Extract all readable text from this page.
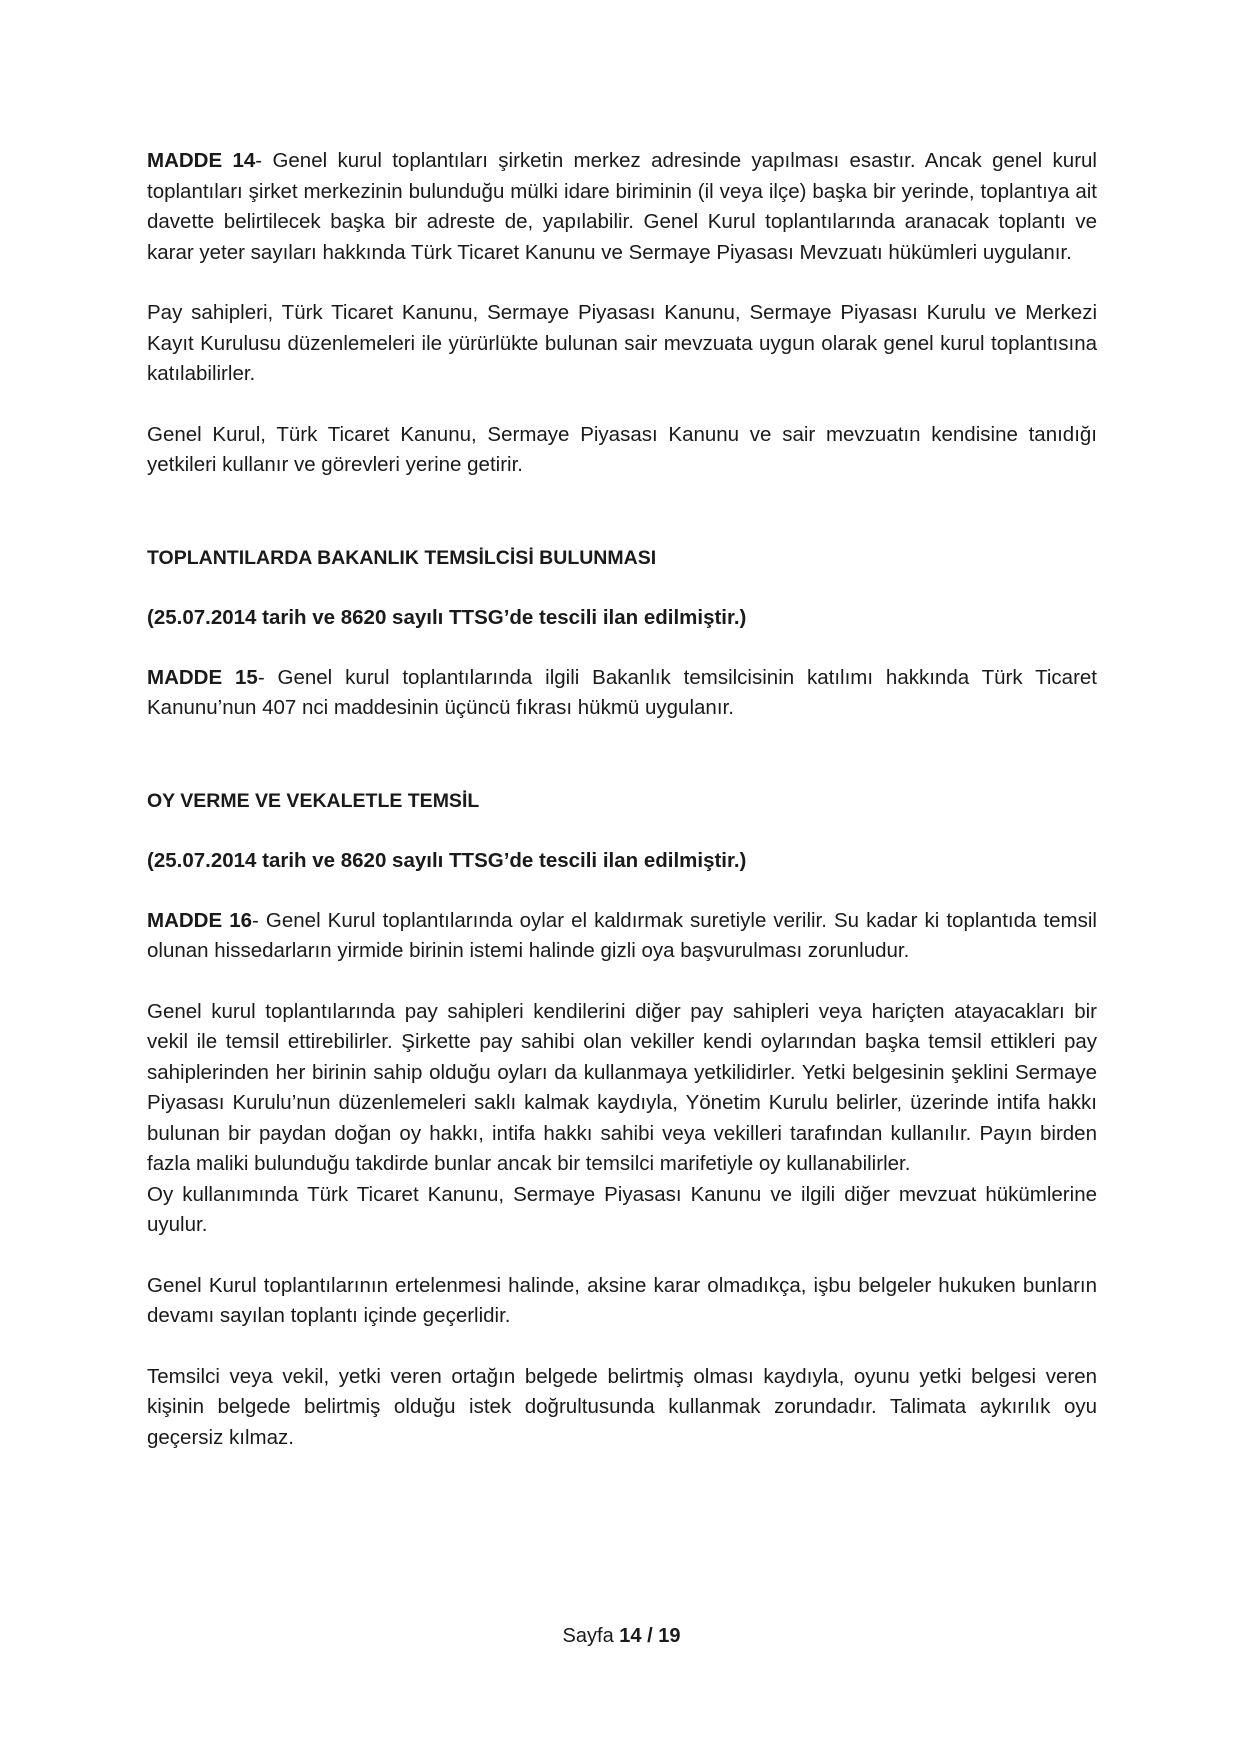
MADDE 14- Genel kurul toplantıları şirketin merkez adresinde yapılması esastır. Ancak genel kurul toplantıları şirket merkezinin bulunduğu mülki idare biriminin (il veya ilçe) başka bir yerinde, toplantıya ait davette belirtilecek başka bir adreste de, yapılabilir. Genel Kurul toplantılarında aranacak toplantı ve karar yeter sayıları hakkında Türk Ticaret Kanunu ve Sermaye Piyasası Mevzuatı hükümleri uygulanır.

Pay sahipleri, Türk Ticaret Kanunu, Sermaye Piyasası Kanunu, Sermaye Piyasası Kurulu ve Merkezi Kayıt Kurulusu düzenlemeleri ile yürürlükte bulunan sair mevzuata uygun olarak genel kurul toplantısına katılabilirler.

Genel Kurul, Türk Ticaret Kanunu, Sermaye Piyasası Kanunu ve sair mevzuatın kendisine tanıdığı yetkileri kullanır ve görevleri yerine getirir.

TOPLANTILARDA BAKANLIK TEMSİLCİSİ BULUNMASI

(25.07.2014 tarih ve 8620 sayılı TTSG’de tescili ilan edilmiştir.)

MADDE 15- Genel kurul toplantılarında ilgili Bakanlık temsilcisinin katılımı hakkında Türk Ticaret Kanunu’nun 407 nci maddesinin üçüncü fıkrası hükmü uygulanır.

OY VERME VE VEKALETLE TEMSİL

(25.07.2014 tarih ve 8620 sayılı TTSG’de tescili ilan edilmiştir.)

MADDE 16- Genel Kurul toplantılarında oylar el kaldırmak suretiyle verilir. Su kadar ki toplantıda temsil olunan hissedarların yirmide birinin istemi halinde gizli oya başvurulması zorunludur.

Genel kurul toplantılarında pay sahipleri kendilerini diğer pay sahipleri veya hariçten atayacakları bir vekil ile temsil ettirebilirler. Şirkette pay sahibi olan vekiller kendi oylarından başka temsil ettikleri pay sahiplerinden her birinin sahip olduğu oyları da kullanmaya yetkilidirler. Yetki belgesinin şeklini Sermaye Piyasası Kurulu’nun düzenlemeleri saklı kalmak kaydıyla, Yönetim Kurulu belirler, üzerinde intifa hakkı bulunan bir paydan doğan oy hakkı, intifa hakkı sahibi veya vekilleri tarafından kullanılır. Payın birden fazla maliki bulunduğu takdirde bunlar ancak bir temsilci marifetiyle oy kullanabilirler.

Oy kullanımında Türk Ticaret Kanunu, Sermaye Piyasası Kanunu ve ilgili diğer mevzuat hükümlerine uyulur.

Genel Kurul toplantılarının ertelenmesi halinde, aksine karar olmadıkça, işbu belgeler hukuken bunların devamı sayılan toplantı içinde geçerlidir.

Temsilci veya vekil, yetki veren ortağın belgede belirtmiş olması kaydıyla, oyunu yetki belgesi veren kişinin belgede belirtmiş olduğu istek doğrultusunda kullanmak zorundadır. Talimata aykırılık oyu geçersiz kılmaz.

Sayfa 14 / 19
